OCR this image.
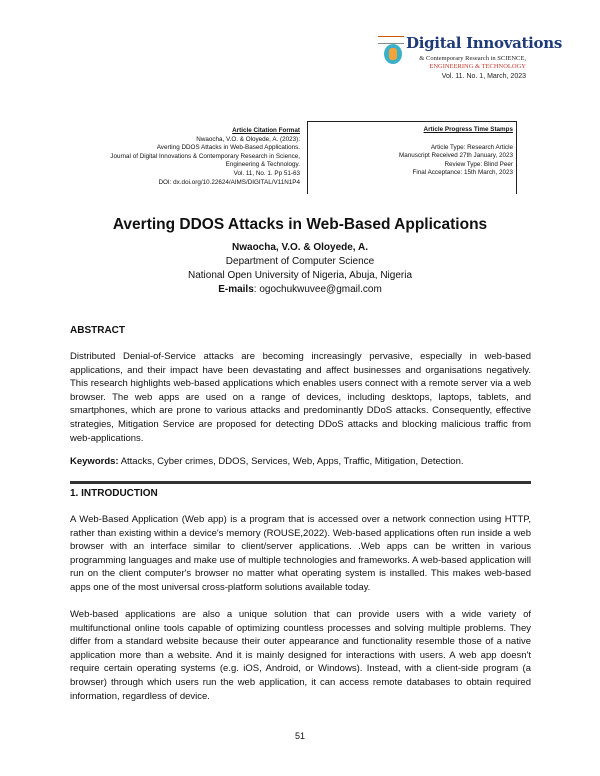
Digital Innovations
& Contemporary Research in SCIENCE,
ENGINEERING & TECHNOLOGY
Vol. 11. No. 1, March, 2023
Article Citation Format
Nwaocha, V.O. & Oloyede, A. (2023):
Averting DDOS Attacks in Web-Based Applications.
Journal of Digital Innovations & Contemporary Research in Science,
Engineering & Technology.
Vol. 11, No. 1. Pp 51-63
DOI: dx.doi.org/10.22624/AIMS/DIGITAL/V11N1P4
Article Progress Time Stamps
Article Type: Research Article
Manuscript Received 27th January, 2023
Review Type: Blind Peer
Final Acceptance: 15th March, 2023
Averting DDOS Attacks in Web-Based Applications
Nwaocha, V.O. & Oloyede, A.
Department of Computer Science
National Open University of Nigeria, Abuja, Nigeria
E-mails: ogochukwuvee@gmail.com
ABSTRACT
Distributed Denial-of-Service attacks are becoming increasingly pervasive, especially in web-based applications, and their impact have been devastating and affect businesses and organisations negatively. This research highlights web-based applications which enables users connect with a remote server via a web browser. The web apps are used on a range of devices, including desktops, laptops, tablets, and smartphones, which are prone to various attacks and predominantly DDoS attacks. Consequently, effective strategies, Mitigation Service are proposed for detecting DDoS attacks and blocking malicious traffic from web-applications.
Keywords: Attacks, Cyber crimes, DDOS, Services, Web, Apps, Traffic, Mitigation, Detection.
1. INTRODUCTION
A Web-Based Application (Web app) is a program that is accessed over a network connection using HTTP, rather than existing within a device's memory (ROUSE,2022). Web-based applications often run inside a web browser with an interface similar to client/server applications. .Web apps can be written in various programming languages and make use of multiple technologies and frameworks. A web-based application will run on the client computer's browser no matter what operating system is installed. This makes web-based apps one of the most universal cross-platform solutions available today.
Web-based applications are also a unique solution that can provide users with a wide variety of multifunctional online tools capable of optimizing countless processes and solving multiple problems. They differ from a standard website because their outer appearance and functionality resemble those of a native application more than a website. And it is mainly designed for interactions with users. A web app doesn't require certain operating systems (e.g. iOS, Android, or Windows). Instead, with a client-side program (a browser) through which users run the web application, it can access remote databases to obtain required information, regardless of device.
51
